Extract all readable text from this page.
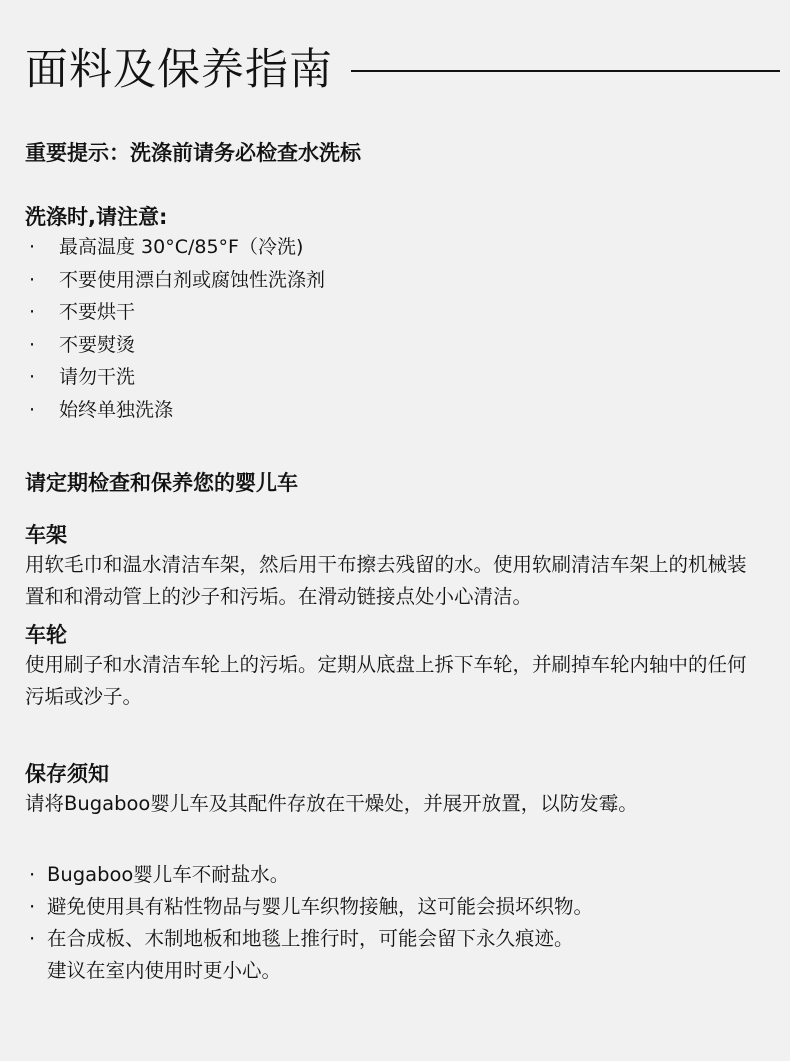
面料及保养指南
重要提示：洗涤前请务必检查水洗标
洗涤时,请注意:
·	最高温度 30°C/85°F（冷洗)
·	不要使用漂白剂或腐蚀性洗涤剂
·	不要烘干
·	不要熨烫
·	请勿干洗
·	始终单独洗涤
请定期检查和保养您的婴儿车
车架
用软毛巾和温水清洁车架，然后用干布擦去残留的水。使用软刷清洁车架上的机械装置和和滑动管上的沙子和污垢。在滑动链接点处小心清洁。
车轮
使用刷子和水清洁车轮上的污垢。定期从底盘上拆下车轮，并刷掉车轮内轴中的任何污垢或沙子。
保存须知
请将Bugaboo婴儿车及其配件存放在干燥处，并展开放置，以防发霉。
· Bugaboo婴儿车不耐盐水。
· 避免使用具有粘性物品与婴儿车织物接触，这可能会损坏织物。
· 在合成板、木制地板和地毯上推行时，可能会留下永久痕迹。
建议在室内使用时更小心。
